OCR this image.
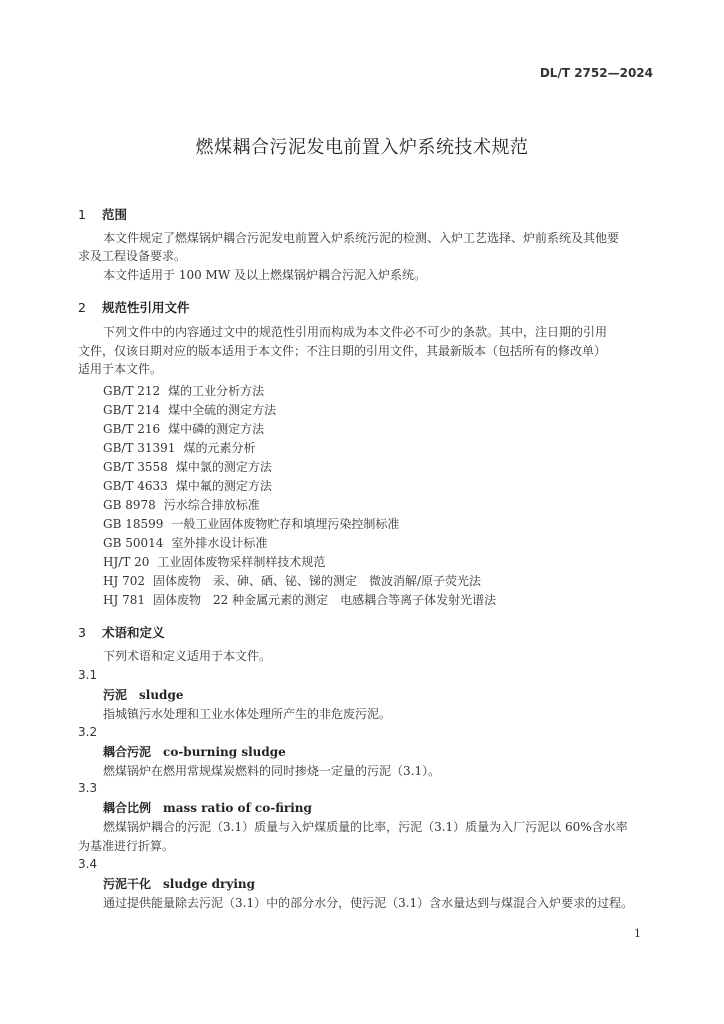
DL/T 2752—2024
燃煤耦合污泥发电前置入炉系统技术规范
1 范围
本文件规定了燃煤锅炉耦合污泥发电前置入炉系统污泥的检测、入炉工艺选择、炉前系统及其他要
求及工程设备要求。
本文件适用于 100 MW 及以上燃煤锅炉耦合污泥入炉系统。
2 规范性引用文件
下列文件中的内容通过文中的规范性引用而构成为本文件必不可少的条款。其中，注日期的引用
文件，仅该日期对应的版本适用于本文件；不注日期的引用文件，其最新版本（包括所有的修改单）
适用于本文件。
GB/T 212 煤的工业分析方法
GB/T 214 煤中全硫的测定方法
GB/T 216 煤中磷的测定方法
GB/T 31391 煤的元素分析
GB/T 3558 煤中氯的测定方法
GB/T 4633 煤中氟的测定方法
GB 8978 污水综合排放标准
GB 18599 一般工业固体废物贮存和填埋污染控制标准
GB 50014 室外排水设计标准
HJ/T 20 工业固体废物采样制样技术规范
HJ 702 固体废物　汞、砷、硒、铋、锑的测定　微波消解/原子荧光法
HJ 781 固体废物　22 种金属元素的测定　电感耦合等离子体发射光谱法
3 术语和定义
下列术语和定义适用于本文件。
3.1
污泥 sludge
指城镇污水处理和工业水体处理所产生的非危废污泥。
3.2
耦合污泥 co-burning sludge
燃煤锅炉在燃用常规煤炭燃料的同时掺烧一定量的污泥（3.1）。
3.3
耦合比例 mass ratio of co-firing
燃煤锅炉耦合的污泥（3.1）质量与入炉煤质量的比率，污泥（3.1）质量为入厂污泥以 60%含水率
为基准进行折算。
3.4
污泥干化 sludge drying
通过提供能量除去污泥（3.1）中的部分水分，使污泥（3.1）含水量达到与煤混合入炉要求的过程。
1
